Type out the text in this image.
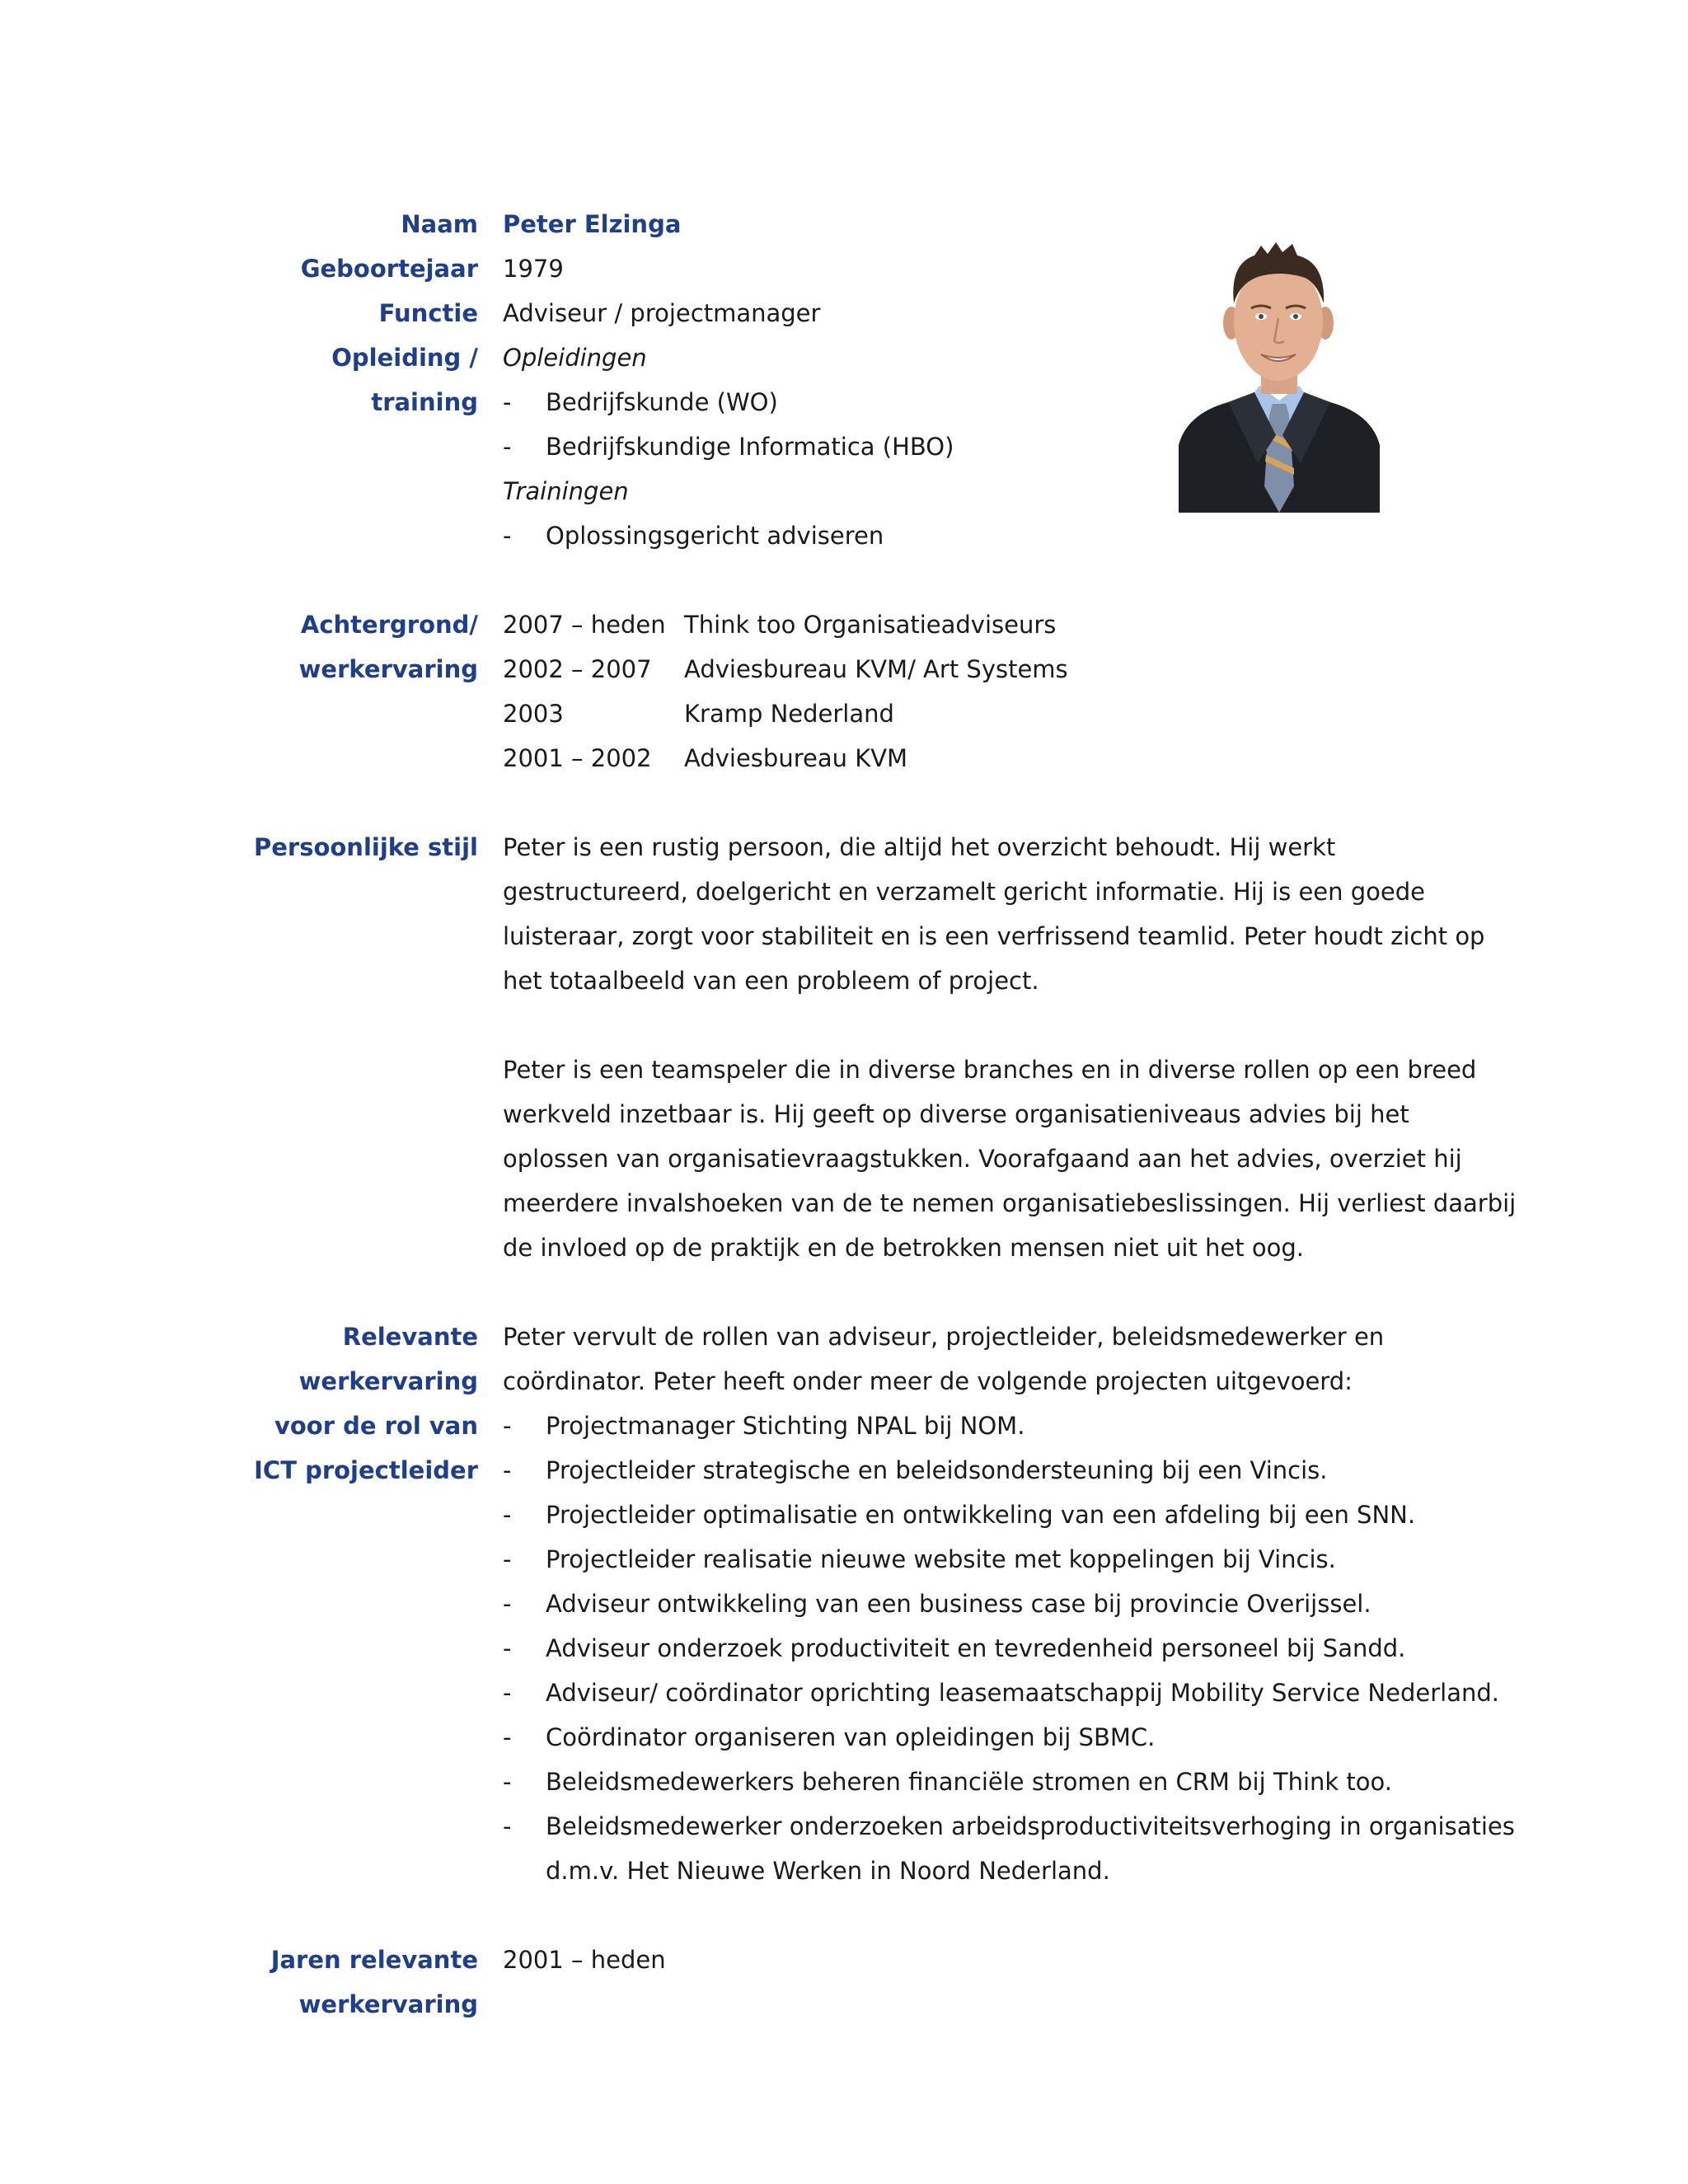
Naam Peter Elzinga
Geboortejaar 1979
Functie Adviseur / projectmanager
Opleiding / Opleidingen
training - Bedrijfskunde (WO)
- Bedrijfskundige Informatica (HBO)
Trainingen
- Oplossingsgericht adviseren
Achtergrond/ 2007 – heden Think too Organisatieadviseurs
werkervaring 2002 – 2007 Adviesbureau KVM/ Art Systems
2003	Kramp Nederland
2001 – 2002 Adviesbureau KVM
Persoonlijke stijl Peter is een rustig persoon, die altijd het overzicht behoudt. Hij werkt
gestructureerd, doelgericht en verzamelt gericht informatie. Hij is een goede
luisteraar, zorgt voor stabiliteit en is een verfrissend teamlid. Peter houdt zicht op
het totaalbeeld van een probleem of project.
Peter is een teamspeler die in diverse branches en in diverse rollen op een breed
werkveld inzetbaar is. Hij geeft op diverse organisatieniveaus advies bij het
oplossen van organisatievraagstukken. Voorafgaand aan het advies, overziet hij
meerdere invalshoeken van de te nemen organisatiebeslissingen. Hij verliest daarbij
de invloed op de praktijk en de betrokken mensen niet uit het oog.
Relevante Peter vervult de rollen van adviseur, projectleider, beleidsmedewerker en
werkervaring coördinator. Peter heeft onder meer de volgende projecten uitgevoerd:
voor de rol van - Projectmanager Stichting NPAL bij NOM.
ICT projectleider - Projectleider strategische en beleidsondersteuning bij een Vincis.
- Projectleider optimalisatie en ontwikkeling van een afdeling bij een SNN.
- Projectleider realisatie nieuwe website met koppelingen bij Vincis.
- Adviseur ontwikkeling van een business case bij provincie Overijssel.
- Adviseur onderzoek productiviteit en tevredenheid personeel bij Sandd.
- Adviseur/ coördinator oprichting leasemaatschappij Mobility Service Nederland.
- Coördinator organiseren van opleidingen bij SBMC.
- Beleidsmedewerkers beheren financiële stromen en CRM bij Think too.
- Beleidsmedewerker onderzoeken arbeidsproductiviteitsverhoging in organisaties
d.m.v. Het Nieuwe Werken in Noord Nederland.
Jaren relevante 2001 – heden
werkervaring
